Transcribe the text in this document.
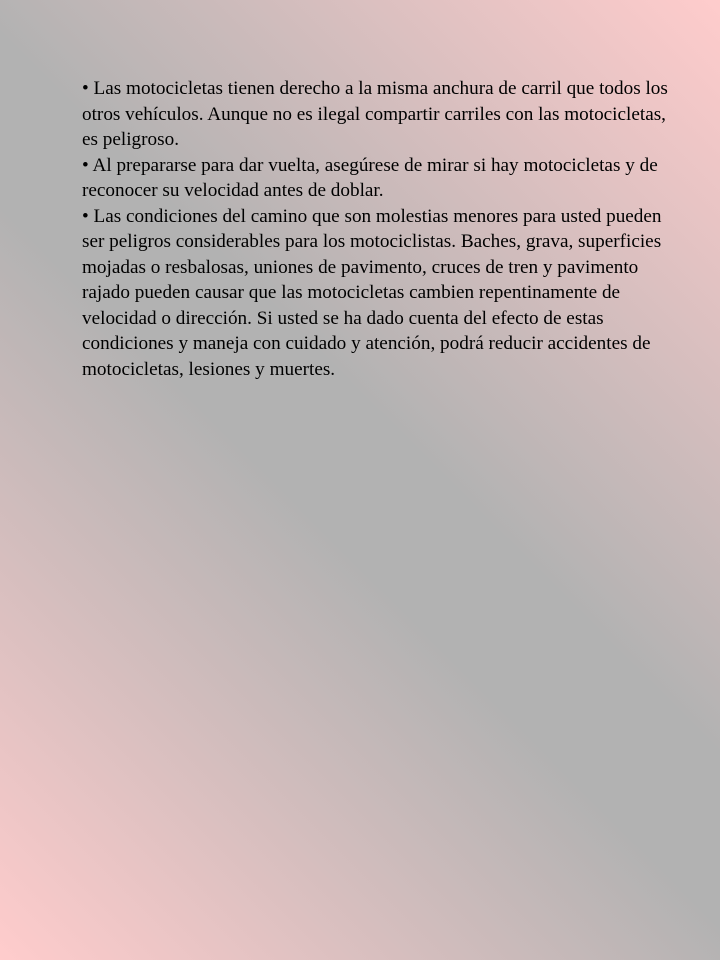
• Las motocicletas tienen derecho a la misma anchura de carril que todos los otros vehículos. Aunque no es ilegal compartir carriles con las motocicletas, es peligroso.

• Al prepararse para dar vuelta, asegúrese de mirar si hay motocicletas y de reconocer su velocidad antes de doblar.

• Las condiciones del camino que son molestias menores para usted pueden ser peligros considerables para los motociclistas. Baches, grava, superficies mojadas o resbalosas, uniones de pavimento, cruces de tren y pavimento rajado pueden causar que las motocicletas cambien repentinamente de velocidad o dirección. Si usted se ha dado cuenta del efecto de estas condiciones y maneja con cuidado y atención, podrá reducir accidentes de motocicletas, lesiones y muertes.
